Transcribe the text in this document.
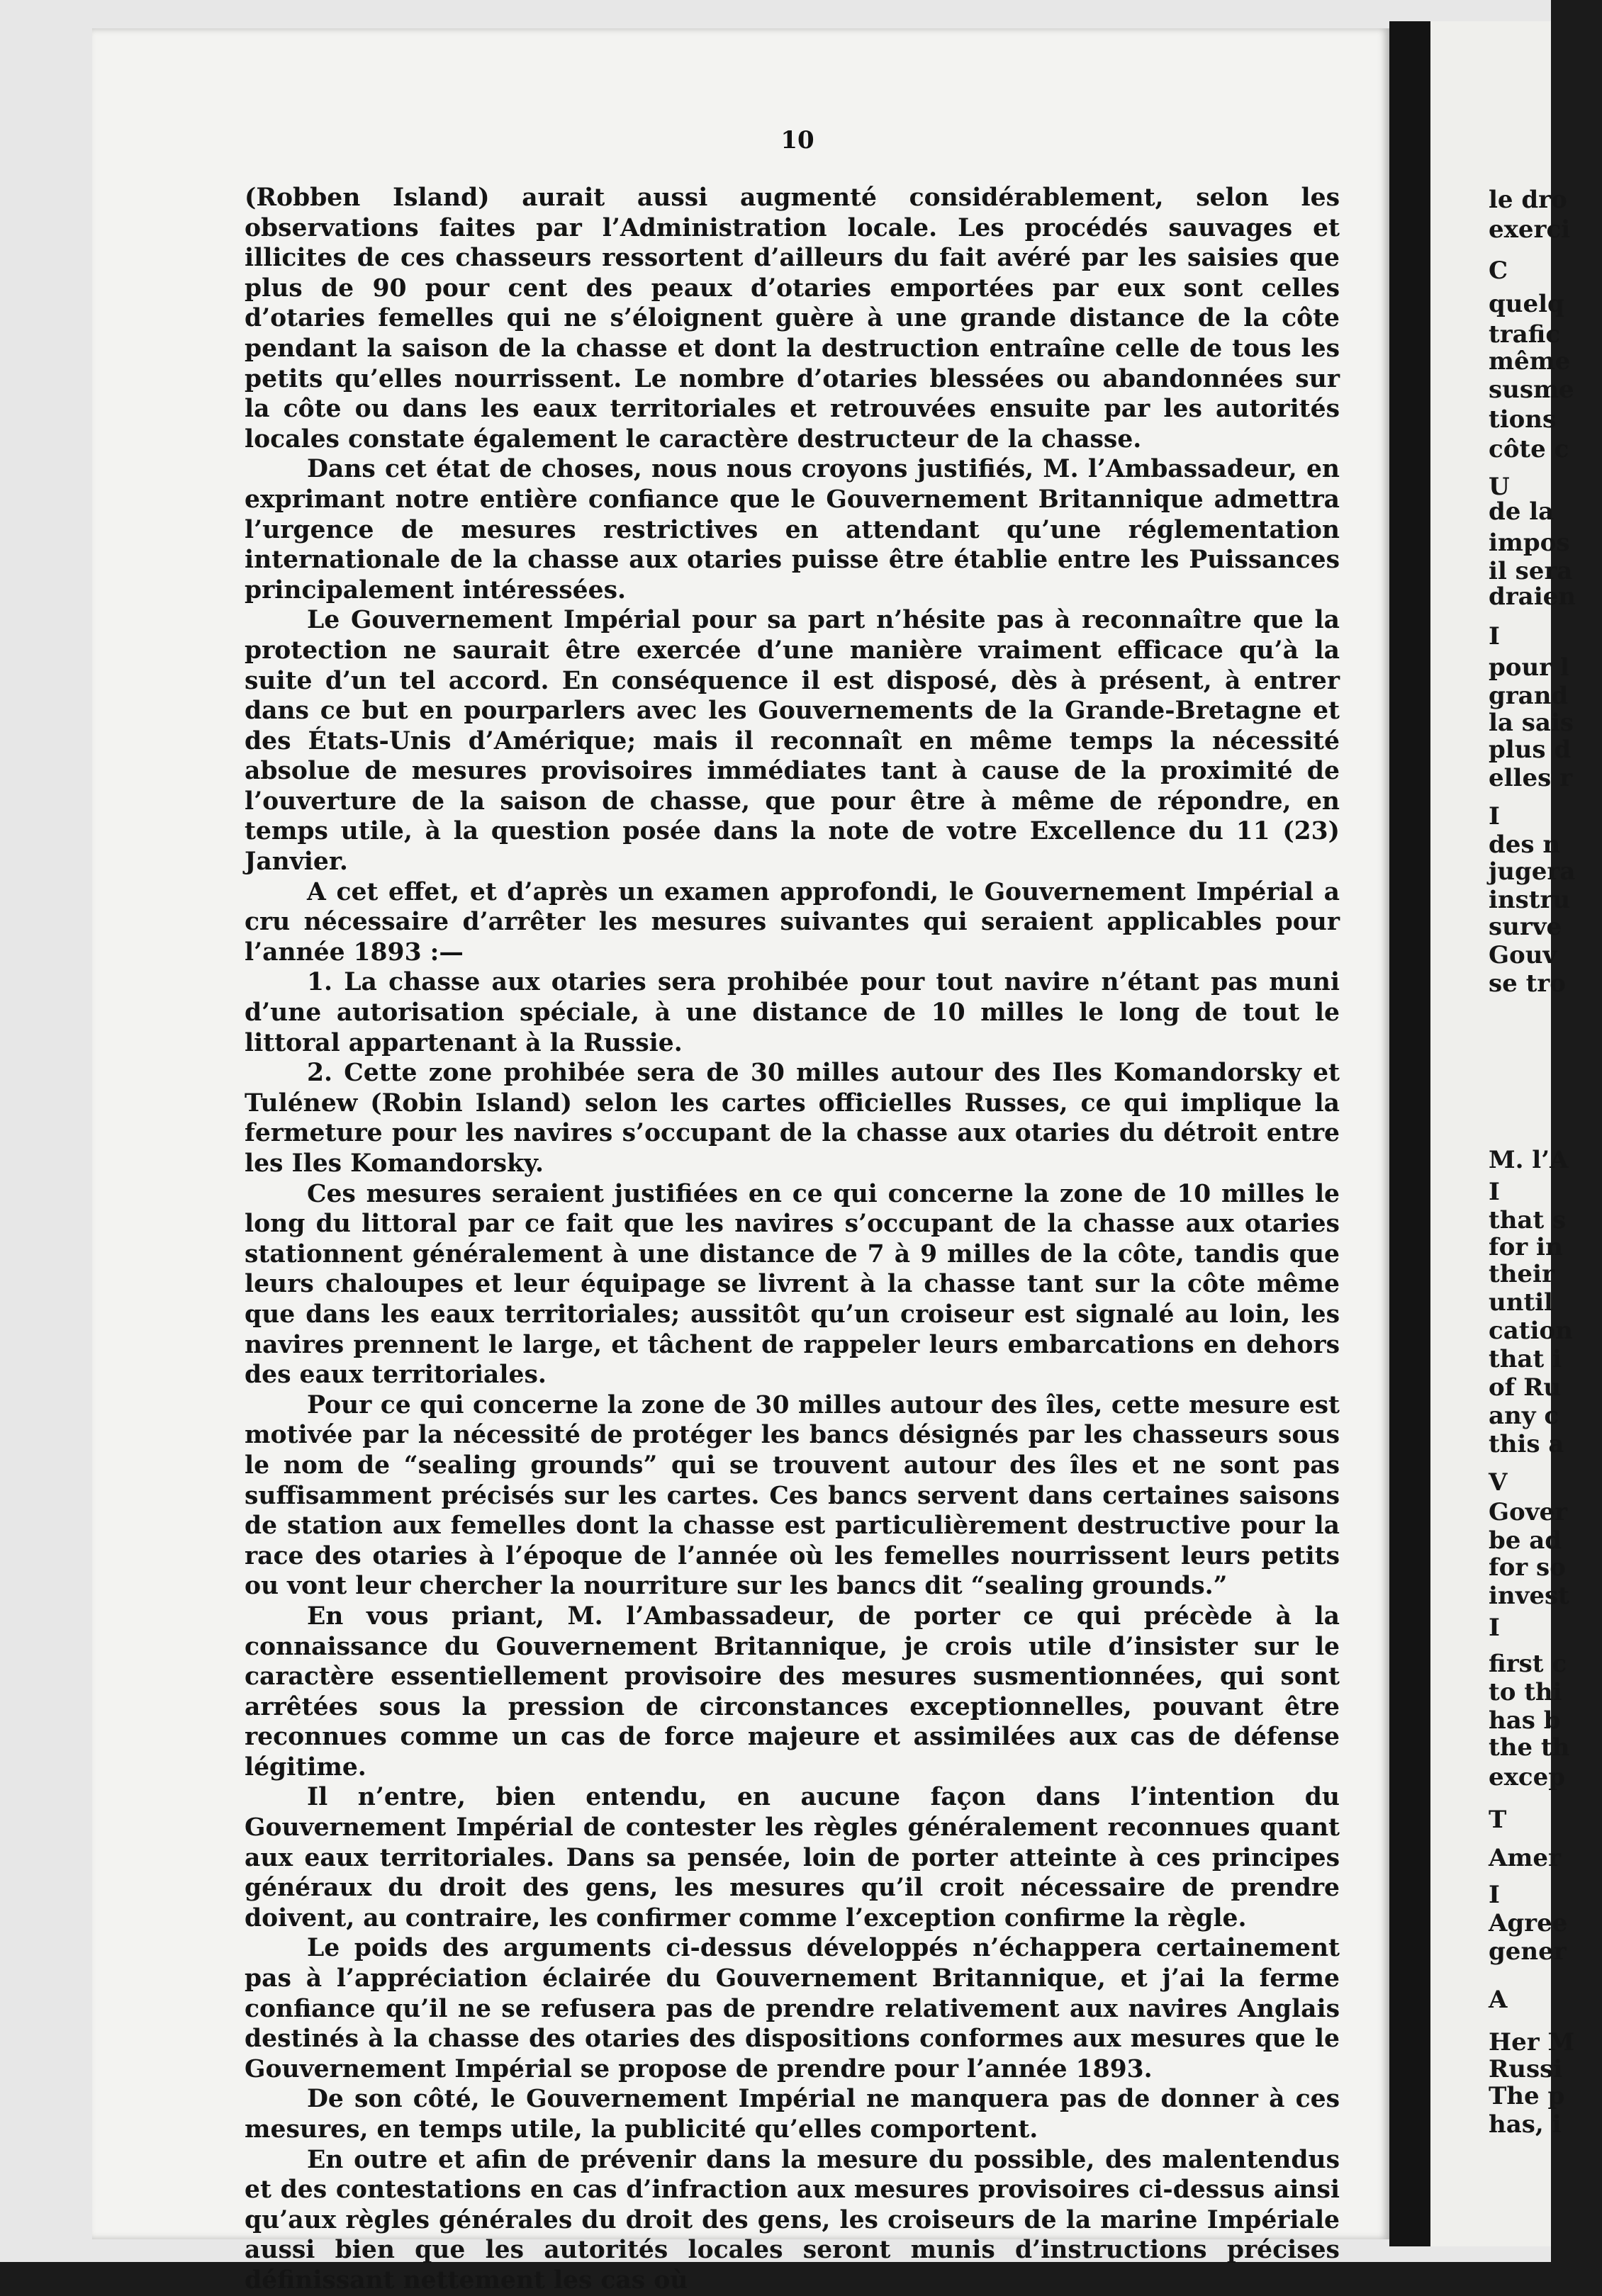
10

(Robben Island) aurait aussi augmenté considérablement, selon les observations faites par l’Administration locale. Les procédés sauvages et illicites de ces chasseurs ressortent d’ailleurs du fait avéré par les saisies que plus de 90 pour cent des peaux d’otaries emportées par eux sont celles d’otaries femelles qui ne s’éloignent guère à une grande distance de la côte pendant la saison de la chasse et dont la destruction entraîne celle de tous les petits qu’elles nourrissent. Le nombre d’otaries blessées ou abandonnées sur la côte ou dans les eaux territoriales et retrouvées ensuite par les autorités locales constate également le caractère destructeur de la chasse.

Dans cet état de choses, nous nous croyons justifiés, M. l’Ambassadeur, en exprimant notre entière confiance que le Gouvernement Britannique admettra l’urgence de mesures restrictives en attendant qu’une réglementation internationale de la chasse aux otaries puisse être établie entre les Puissances principalement intéressées.

Le Gouvernement Impérial pour sa part n’hésite pas à reconnaître que la protection ne saurait être exercée d’une manière vraiment efficace qu’à la suite d’un tel accord. En conséquence il est disposé, dès à présent, à entrer dans ce but en pourparlers avec les Gouvernements de la Grande-Bretagne et des États-Unis d’Amérique; mais il reconnaît en même temps la nécessité absolue de mesures provisoires immédiates tant à cause de la proximité de l’ouverture de la saison de chasse, que pour être à même de répondre, en temps utile, à la question posée dans la note de votre Excellence du 11 (23) Janvier.

A cet effet, et d’après un examen approfondi, le Gouvernement Impérial a cru nécessaire d’arrêter les mesures suivantes qui seraient applicables pour l’année 1893 :—

1. La chasse aux otaries sera prohibée pour tout navire n’étant pas muni d’une autorisation spéciale, à une distance de 10 milles le long de tout le littoral appartenant à la Russie.

2. Cette zone prohibée sera de 30 milles autour des Iles Komandorsky et Tulénew (Robin Island) selon les cartes officielles Russes, ce qui implique la fermeture pour les navires s’occupant de la chasse aux otaries du détroit entre les Iles Komandorsky.

Ces mesures seraient justifiées en ce qui concerne la zone de 10 milles le long du littoral par ce fait que les navires s’occupant de la chasse aux otaries stationnent généralement à une distance de 7 à 9 milles de la côte, tandis que leurs chaloupes et leur équipage se livrent à la chasse tant sur la côte même que dans les eaux territoriales; aussitôt qu’un croiseur est signalé au loin, les navires prennent le large, et tâchent de rappeler leurs embarcations en dehors des eaux territoriales.

Pour ce qui concerne la zone de 30 milles autour des îles, cette mesure est motivée par la nécessité de protéger les bancs désignés par les chasseurs sous le nom de “sealing grounds” qui se trouvent autour des îles et ne sont pas suffisamment précisés sur les cartes. Ces bancs servent dans certaines saisons de station aux femelles dont la chasse est particulièrement destructive pour la race des otaries à l’époque de l’année où les femelles nourrissent leurs petits ou vont leur chercher la nourriture sur les bancs dit “sealing grounds.”

En vous priant, M. l’Ambassadeur, de porter ce qui précède à la connaissance du Gouvernement Britannique, je crois utile d’insister sur le caractère essentiellement provisoire des mesures susmentionnées, qui sont arrêtées sous la pression de circonstances exceptionnelles, pouvant être reconnues comme un cas de force majeure et assimilées aux cas de défense légitime.

Il n’entre, bien entendu, en aucune façon dans l’intention du Gouvernement Impérial de contester les règles généralement reconnues quant aux eaux territoriales. Dans sa pensée, loin de porter atteinte à ces principes généraux du droit des gens, les mesures qu’il croit nécessaire de prendre doivent, au contraire, les confirmer comme l’exception confirme la règle.

Le poids des arguments ci-dessus développés n’échappera certainement pas à l’appréciation éclairée du Gouvernement Britannique, et j’ai la ferme confiance qu’il ne se refusera pas de prendre relativement aux navires Anglais destinés à la chasse des otaries des dispositions conformes aux mesures que le Gouvernement Impérial se propose de prendre pour l’année 1893.

De son côté, le Gouvernement Impérial ne manquera pas de donner à ces mesures, en temps utile, la publicité qu’elles comportent.

En outre et afin de prévenir dans la mesure du possible, des malentendus et des contestations en cas d’infraction aux mesures provisoires ci-dessus ainsi qu’aux règles générales du droit des gens, les croiseurs de la marine Impériale aussi bien que les autorités locales seront munis d’instructions précises définissant nettement les cas où

le dro
exerci
C
quelq
trafic
même
susme
tions
côte c
U
de la
impos
il sera
draien
I
pour l
grand
la sais
plus d
elles r
I
des n
jugera
instru
surve
Gouv
se tro
M. l’A
I
that s
for in
their
until
cation
that i
of Ru
any c
this a
V
Gover
be ad
for so
invest
I
first c
to thi
has b
the th
excep
T
Amer
I
Agree
gener
A
Her M
Russi
The p
has, i
